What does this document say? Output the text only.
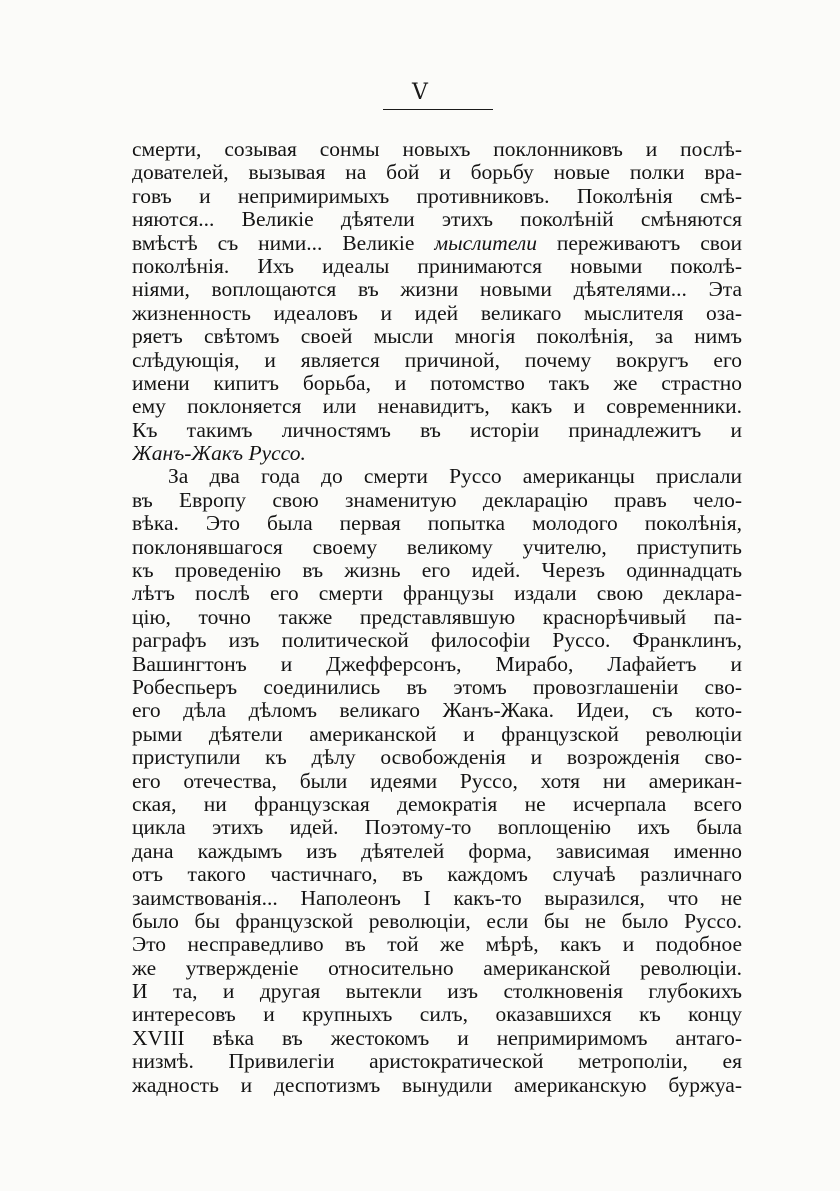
V
смерти, созывая сонмы новыхъ поклонниковъ и послѣ-
дователей, вызывая на бой и борьбу новые полки вра-
говъ и непримиримыхъ противниковъ. Поколѣнія смѣ-
няются... Великіе дѣятели этихъ поколѣній смѣняются
вмѣстѣ съ ними... Великіе мыслители переживаютъ свои
поколѣнія. Ихъ идеалы принимаются новыми поколѣ-
ніями, воплощаются въ жизни новыми дѣятелями... Эта
жизненность идеаловъ и идей великаго мыслителя оза-
ряетъ свѣтомъ своей мысли многія поколѣнія, за нимъ
слѣдующія, и является причиной, почему вокругъ его
имени кипитъ борьба, и потомство такъ же страстно
ему поклоняется или ненавидитъ, какъ и современники.
Къ такимъ личностямъ въ исторіи принадлежитъ и
Жанъ-Жакъ Руссо.
За два года до смерти Руссо американцы прислали
въ Европу свою знаменитую декларацію правъ чело-
вѣка. Это была первая попытка молодого поколѣнія,
поклонявшагося своему великому учителю, приступить
къ проведенію въ жизнь его идей. Черезъ одиннадцать
лѣтъ послѣ его смерти французы издали свою деклара-
цію, точно также представлявшую краснорѣчивый па-
раграфъ изъ политической философіи Руссо. Франклинъ,
Вашингтонъ и Джефферсонъ, Мирабо, Лафайетъ и
Робеспьеръ соединились въ этомъ провозглашеніи сво-
его дѣла дѣломъ великаго Жанъ-Жака. Идеи, съ кото-
рыми дѣятели американской и французской революціи
приступили къ дѣлу освобожденія и возрожденія сво-
его отечества, были идеями Руссо, хотя ни американ-
ская, ни французская демократія не исчерпала всего
цикла этихъ идей. Поэтому-то воплощенію ихъ была
дана каждымъ изъ дѣятелей форма, зависимая именно
отъ такого частичнаго, въ каждомъ случаѣ различнаго
заимствованія... Наполеонъ I какъ-то выразился, что не
было бы французской революціи, если бы не было Руссо.
Это несправедливо въ той же мѣрѣ, какъ и подобное
же утвержденіе относительно американской революціи.
И та, и другая вытекли изъ столкновенія глубокихъ
интересовъ и крупныхъ силъ, оказавшихся къ концу
XVIII вѣка въ жестокомъ и непримиримомъ антаго-
низмѣ. Привилегіи аристократической метрополіи, ея
жадность и деспотизмъ вынудили американскую буржуа-
